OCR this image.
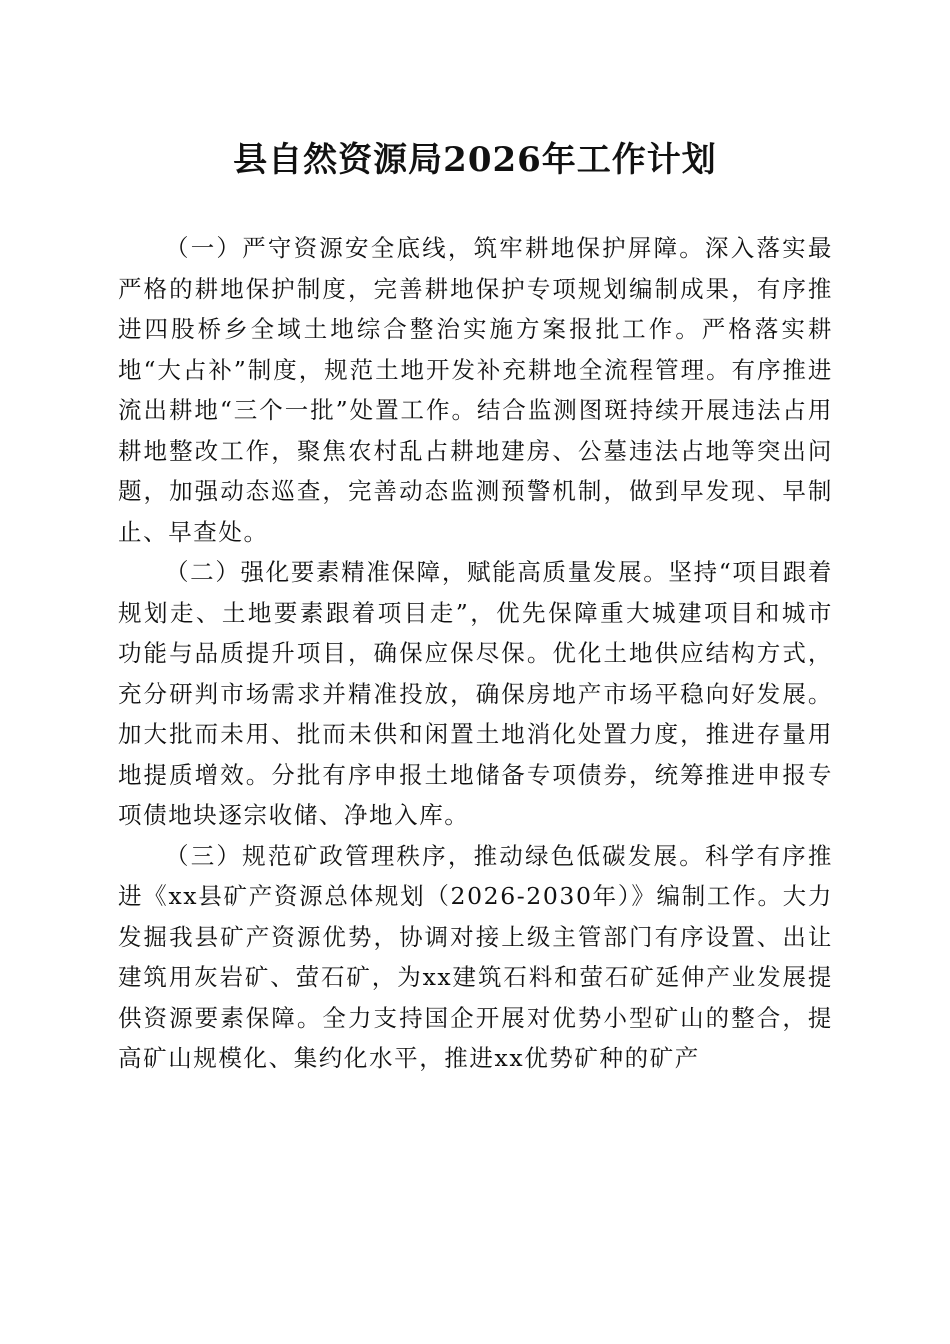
县自然资源局2026年工作计划

（一）严守资源安全底线，筑牢耕地保护屏障。深入落实最严格的耕地保护制度，完善耕地保护专项规划编制成果，有序推进四股桥乡全域土地综合整治实施方案报批工作。严格落实耕地“大占补”制度，规范土地开发补充耕地全流程管理。有序推进流出耕地“三个一批”处置工作。结合监测图斑持续开展违法占用耕地整改工作，聚焦农村乱占耕地建房、公墓违法占地等突出问题，加强动态巡查，完善动态监测预警机制，做到早发现、早制止、早查处。

（二）强化要素精准保障，赋能高质量发展。坚持“项目跟着规划走、土地要素跟着项目走”，优先保障重大城建项目和城市功能与品质提升项目，确保应保尽保。优化土地供应结构方式，充分研判市场需求并精准投放，确保房地产市场平稳向好发展。加大批而未用、批而未供和闲置土地消化处置力度，推进存量用地提质增效。分批有序申报土地储备专项债券，统筹推进申报专项债地块逐宗收储、净地入库。

（三）规范矿政管理秩序，推动绿色低碳发展。科学有序推进《xx县矿产资源总体规划（2026-2030年）》编制工作。大力发掘我县矿产资源优势，协调对接上级主管部门有序设置、出让建筑用灰岩矿、萤石矿，为xx建筑石料和萤石矿延伸产业发展提供资源要素保障。全力支持国企开展对优势小型矿山的整合，提高矿山规模化、集约化水平，推进xx优势矿种的矿产
